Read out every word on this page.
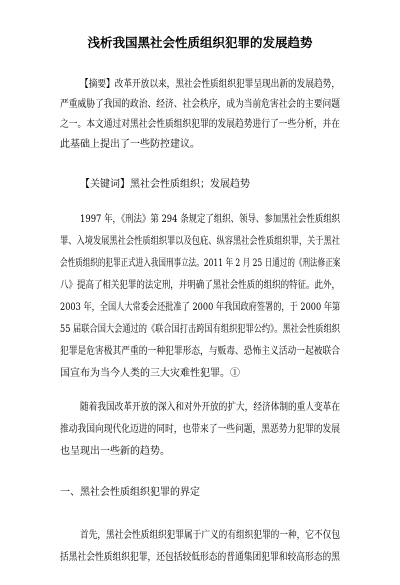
浅析我国黑社会性质组织犯罪的发展趋势

【摘要】改革开放以来，黑社会性质组织犯罪呈现出新的发展趋势，

严重威胁了我国的政治、经济、社会秩序，成为当前危害社会的主要问题

之一。本文通过对黑社会性质组织犯罪的发展趋势进行了一些分析，并在

此基础上提出了一些防控建议。

【关键词】黑社会性质组织；发展趋势

1997 年，《刑法》第 294 条规定了组织、领导、参加黑社会性质组织

罪、入境发展黑社会性质组织罪以及包庇、纵容黑社会性质组织罪，关于黑社

会性质组织的犯罪正式进入我国刑事立法。2011 年 2 月 25 日通过的《刑法修正案

八》提高了相关犯罪的法定刑，并明确了黑社会性质的组织的特征。此外，

2003 年，全国人大常委会还批准了 2000 年我国政府签署的，于 2000 年第

55 届联合国大会通过的《联合国打击跨国有组织犯罪公约》。黑社会性质组织

犯罪是危害极其严重的一种犯罪形态，与贩毒、恐怖主义活动一起被联合

国宣布为当今人类的三大灾难性犯罪。①

随着我国改革开放的深入和对外开放的扩大，经济体制的重人变革在

推动我国向现代化迈进的同时，也带来了一些问题，黑恶势力犯罪的发展

也呈现出一些新的趋势。

一、黑社会性质组织犯罪的界定

首先，黑社会性质组织犯罪属于广义的有组织犯罪的一种，它不仅包

括黑社会性质组织犯罪，还包括较低形态的普通集团犯罪和较高形态的黑
